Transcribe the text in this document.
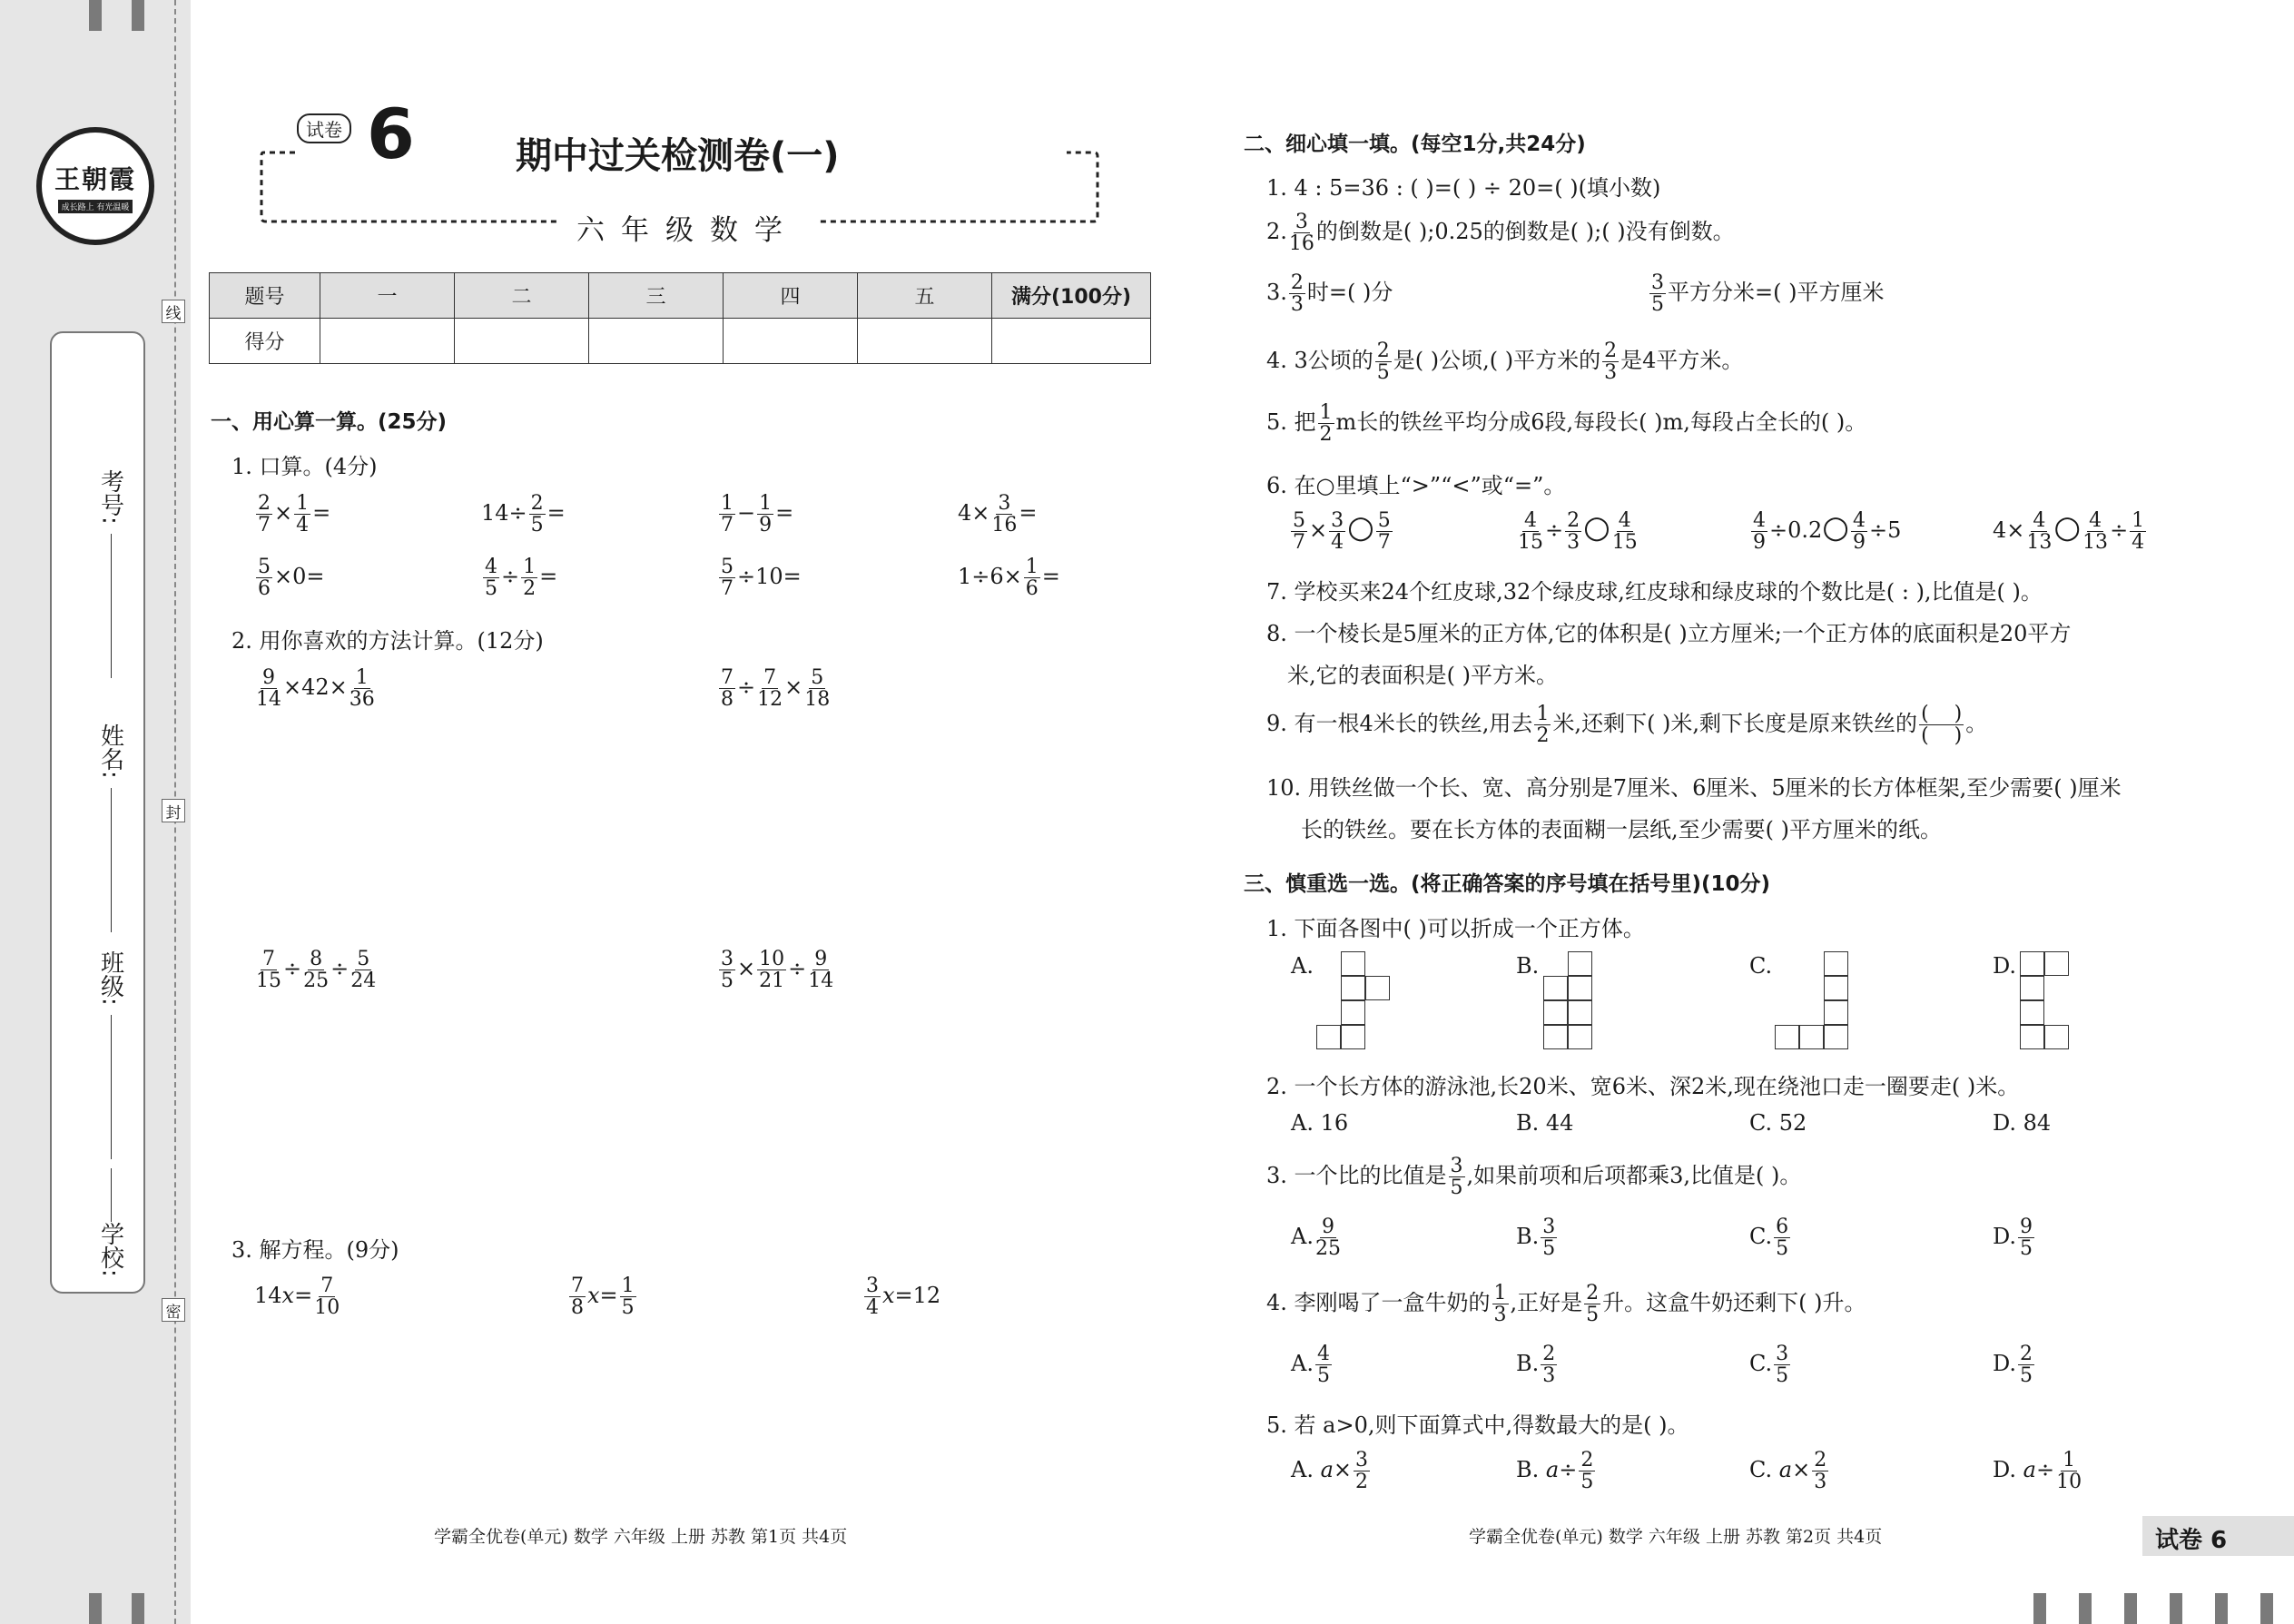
王朝霞
成长路上 有光温暖
线
封
密
考号:
姓名:
班级:
学校:
试卷 6	期中过关检测卷(一)
六年级数学
题号	一	二	三	四	五	满分(100分)
得分						
一、用心算一算。(25分)
1. 口算。(4分)
$\frac{2}{7} \times \frac{1}{4}$ =	$14\div \frac{2}{5}$ =	$\frac{1}{7} - \frac{1}{9}$ =	$4\times \frac{3}{16}$ =
$\frac{5}{6} \times 0=$	$\frac{4}{5} \div \frac{1}{2}$ =	$\frac{5}{7} \div 10=$	$1\div 6\times \frac{1}{6}$ =
2. 用你喜欢的方法计算。(12分)
$\frac{9}{14} \times 42\times \frac{1}{36}$	$\frac{7}{8} \div \frac{7}{12} \times \frac{5}{18}$
$\frac{7}{15} \div \frac{8}{25} \div \frac{5}{24}$	$\frac{3}{5} \times \frac{10}{21} \div \frac{9}{14}$
3. 解方程。(9分)
$14x= \frac{7}{10}$	$\frac{7}{8} x= \frac{1}{5}$	$\frac{3}{4} x=12$
学霸全优卷(单元) 数学 六年级 上册 苏教 第1页 共4页
二、细心填一填。(每空1分,共24分)
1. 4 : 5=36 : ( )=( ) ÷ 20=( )(填小数)
2. $\frac{3}{16}$ 的倒数是( );0.25的倒数是( );( )没有倒数。
3. $\frac{2}{3}$ 时=( )分	$\frac{3}{5}$ 平方分米=( )平方厘米
4. 3公顷的 $\frac{2}{5}$ 是( )公顷,( )平方米的 $\frac{2}{3}$ 是4平方米。
5. 把 $\frac{1}{2}$ m长的铁丝平均分成6段,每段长( )m,每段占全长的( )。
6. 在○里填上“>”“<”或“=”。
$\frac{5}{7} \times \frac{3}{4}$ ○ $\frac{5}{7}$	$\frac{4}{15} \div \frac{2}{3}$ ○ $\frac{4}{15}$	$\frac{4}{9}$ ÷0.2○ $\frac{4}{9} \div 5$	$4\times \frac{4}{13}$ ○ $\frac{4}{13} \div \frac{1}{4}$
7. 学校买来24个红皮球,32个绿皮球,红皮球和绿皮球的个数比是( : ),比值是( )。
8. 一个棱长是5厘米的正方体,它的体积是( )立方厘米;一个正方体的底面积是20平方
米,它的表面积是( )平方米。
9. 有一根4米长的铁丝,用去 $\frac{1}{2}$ 米,还剩下( )米,剩下长度是原来铁丝的 $\frac{( )}{( )}$ 。
10. 用铁丝做一个长、宽、高分别是7厘米、6厘米、5厘米的长方体框架,至少需要( )厘米
长的铁丝。要在长方体的表面糊一层纸,至少需要( )平方厘米的纸。
三、慎重选一选。(将正确答案的序号填在括号里)(10分)
1. 下面各图中( )可以折成一个正方体。
A.	B.	C.	D.
2. 一个长方体的游泳池,长20米、宽6米、深2米,现在绕池口走一圈要走( )米。
A. 16	B. 44	C. 52	D. 84
3. 一个比的比值是 $\frac{3}{5}$ ,如果前项和后项都乘3,比值是( )。
A. $\frac{9}{25}$	B. $\frac{3}{5}$	C. $\frac{6}{5}$	D. $\frac{9}{5}$
4. 李刚喝了一盒牛奶的 $\frac{1}{3}$ ,正好是 $\frac{2}{5}$ 升。这盒牛奶还剩下( )升。
A. $\frac{4}{5}$	B. $\frac{2}{3}$	C. $\frac{3}{5}$	D. $\frac{2}{5}$
5. 若 a>0,则下面算式中,得数最大的是( )。
A. $a\times \frac{3}{2}$	B. $a\div \frac{2}{5}$	C. $a\times \frac{2}{3}$	D. $a\div \frac{1}{10}$
学霸全优卷(单元) 数学 六年级 上册 苏教 第2页 共4页	试卷 6
